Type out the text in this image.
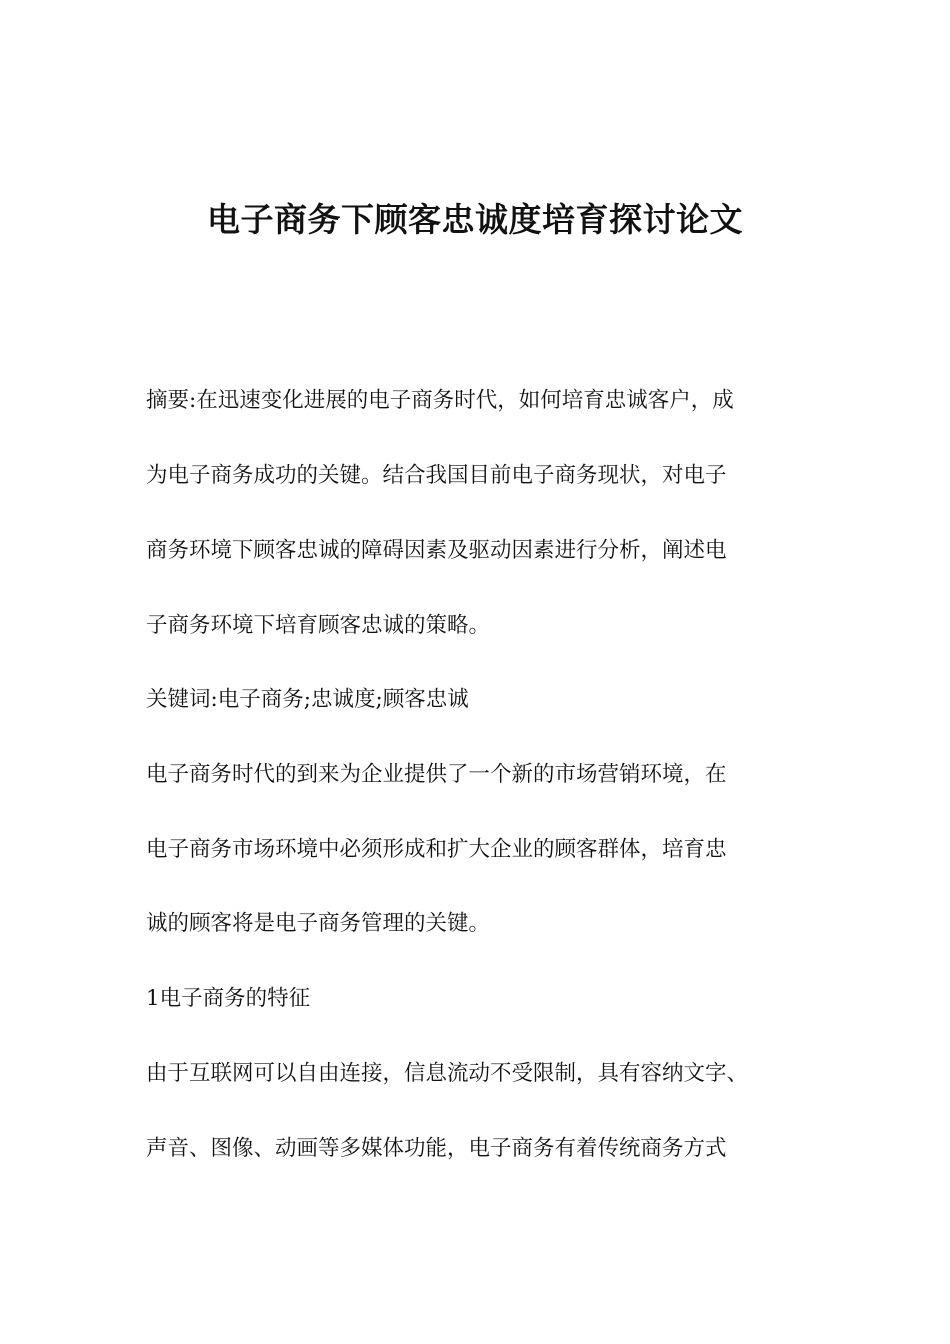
电子商务下顾客忠诚度培育探讨论文

摘要:在迅速变化进展的电子商务时代，如何培育忠诚客户，成

为电子商务成功的关键。结合我国目前电子商务现状，对电子

商务环境下顾客忠诚的障碍因素及驱动因素进行分析，阐述电

子商务环境下培育顾客忠诚的策略。

关键词:电子商务;忠诚度;顾客忠诚

电子商务时代的到来为企业提供了一个新的市场营销环境，在

电子商务市场环境中必须形成和扩大企业的顾客群体，培育忠

诚的顾客将是电子商务管理的关键。

1电子商务的特征

由于互联网可以自由连接，信息流动不受限制，具有容纳文字、

声音、图像、动画等多媒体功能，电子商务有着传统商务方式
